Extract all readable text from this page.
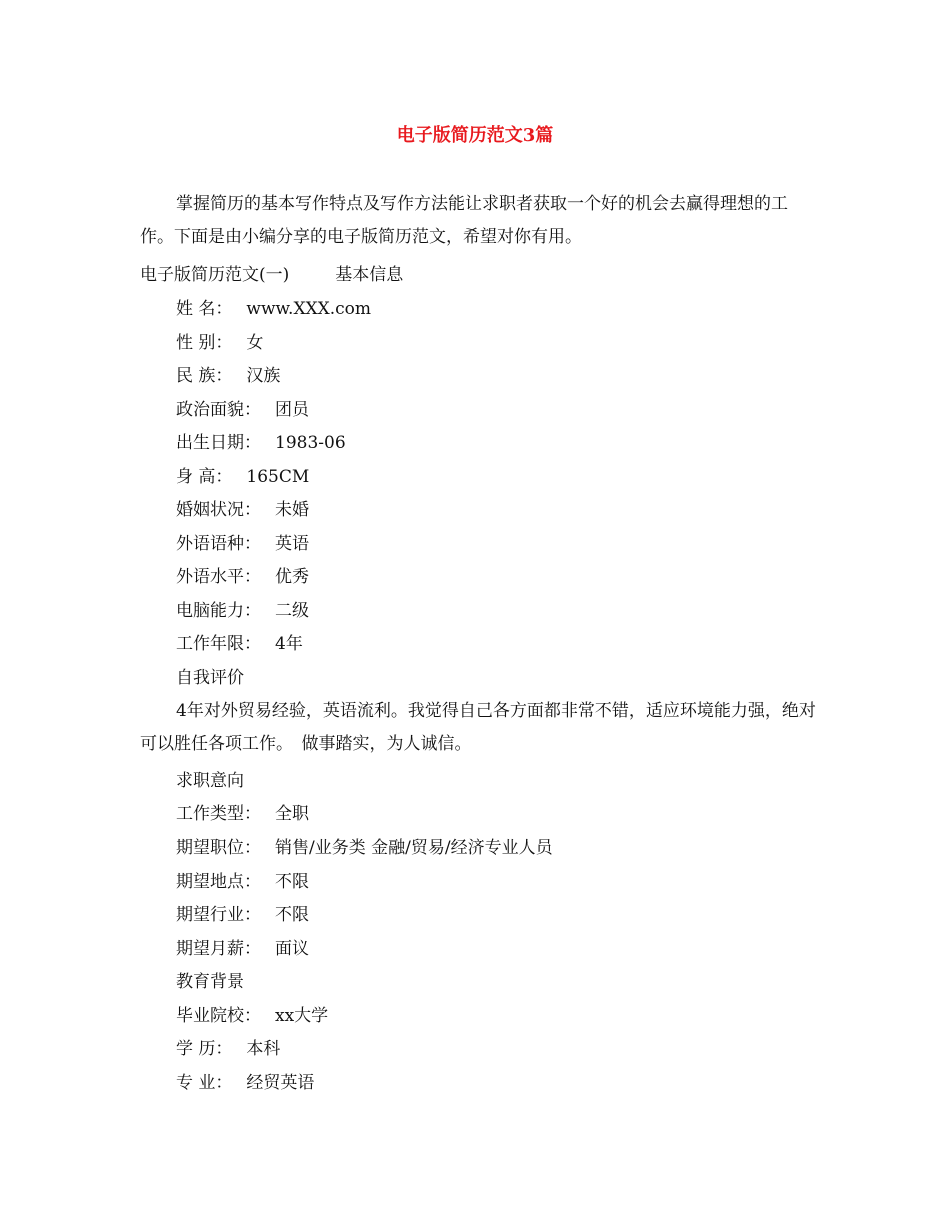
电子版简历范文3篇
掌握简历的基本写作特点及写作方法能让求职者获取一个好的机会去赢得理想的工作。下面是由小编分享的电子版简历范文，希望对你有用。
电子版简历范文(一)	基本信息
姓 名： www.XXX.com
性 别： 女
民 族： 汉族
政治面貌： 团员
出生日期： 1983-06
身 高： 165CM
婚姻状况： 未婚
外语语种： 英语
外语水平： 优秀
电脑能力： 二级
工作年限： 4年
自我评价
4年对外贸易经验，英语流利。我觉得自己各方面都非常不错，适应环境能力强，绝对可以胜任各项工作。　做事踏实，为人诚信。
求职意向
工作类型： 全职
期望职位： 销售/业务类 金融/贸易/经济专业人员
期望地点： 不限
期望行业： 不限
期望月薪： 面议
教育背景
毕业院校： xx大学
学 历： 本科
专 业： 经贸英语
